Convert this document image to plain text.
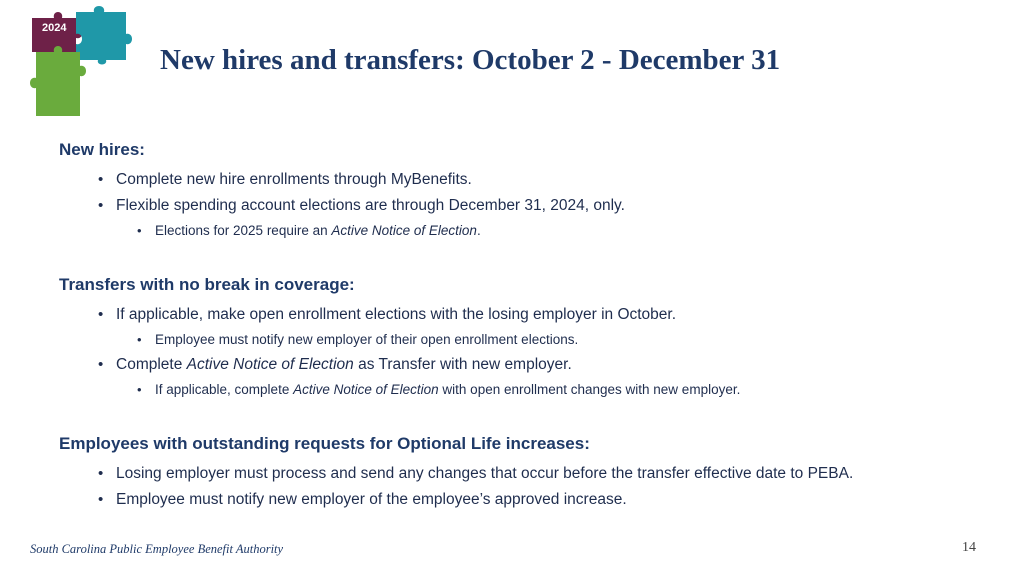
2024
New hires and transfers: October 2 - December 31
New hires:
• Complete new hire enrollments through MyBenefits.
• Flexible spending account elections are through December 31, 2024, only.
• Elections for 2025 require an Active Notice of Election.
Transfers with no break in coverage:
• If applicable, make open enrollment elections with the losing employer in October.
• Employee must notify new employer of their open enrollment elections.
• Complete Active Notice of Election as Transfer with new employer.
• If applicable, complete Active Notice of Election with open enrollment changes with new employer.
Employees with outstanding requests for Optional Life increases:
• Losing employer must process and send any changes that occur before the transfer effective date to PEBA.
• Employee must notify new employer of the employee’s approved increase.
South Carolina Public Employee Benefit Authority	14
